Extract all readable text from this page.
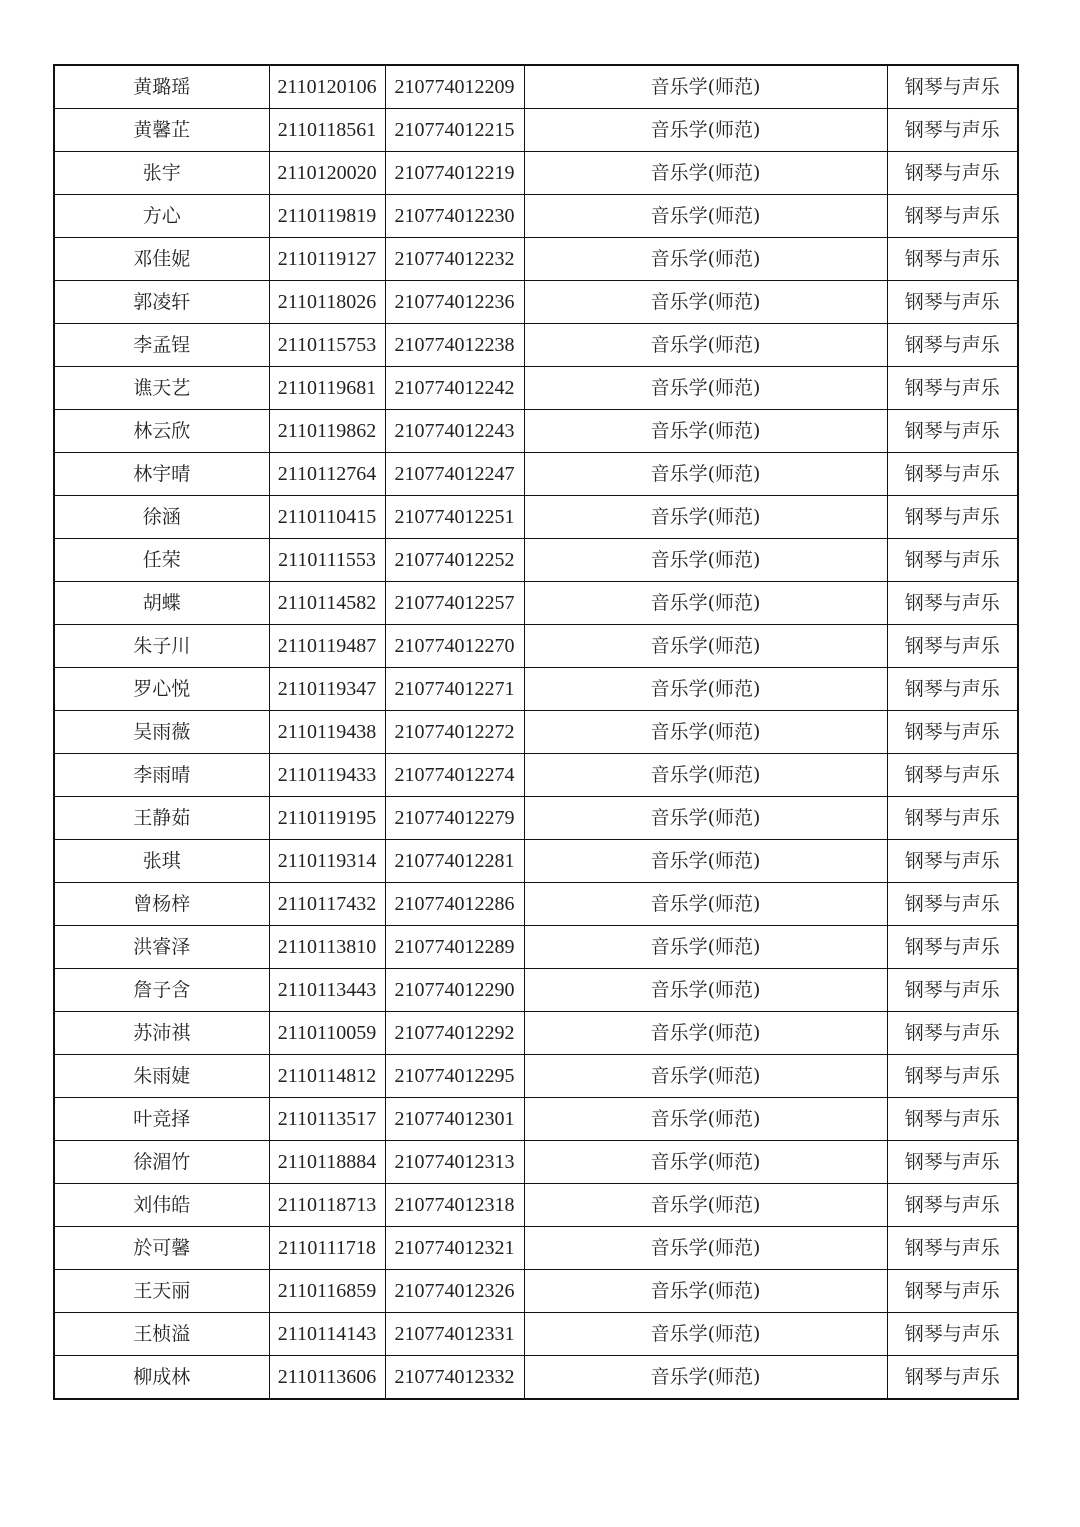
黄璐瑶	2110120106	210774012209	音乐学(师范)	钢琴与声乐
黄馨芷	2110118561	210774012215	音乐学(师范)	钢琴与声乐
张宇	2110120020	210774012219	音乐学(师范)	钢琴与声乐
方心	2110119819	210774012230	音乐学(师范)	钢琴与声乐
邓佳妮	2110119127	210774012232	音乐学(师范)	钢琴与声乐
郭凌轩	2110118026	210774012236	音乐学(师范)	钢琴与声乐
李孟锃	2110115753	210774012238	音乐学(师范)	钢琴与声乐
谯天艺	2110119681	210774012242	音乐学(师范)	钢琴与声乐
林云欣	2110119862	210774012243	音乐学(师范)	钢琴与声乐
林宇晴	2110112764	210774012247	音乐学(师范)	钢琴与声乐
徐涵	2110110415	210774012251	音乐学(师范)	钢琴与声乐
任荣	2110111553	210774012252	音乐学(师范)	钢琴与声乐
胡蝶	2110114582	210774012257	音乐学(师范)	钢琴与声乐
朱子川	2110119487	210774012270	音乐学(师范)	钢琴与声乐
罗心悦	2110119347	210774012271	音乐学(师范)	钢琴与声乐
吴雨薇	2110119438	210774012272	音乐学(师范)	钢琴与声乐
李雨晴	2110119433	210774012274	音乐学(师范)	钢琴与声乐
王静茹	2110119195	210774012279	音乐学(师范)	钢琴与声乐
张琪	2110119314	210774012281	音乐学(师范)	钢琴与声乐
曾杨梓	2110117432	210774012286	音乐学(师范)	钢琴与声乐
洪睿泽	2110113810	210774012289	音乐学(师范)	钢琴与声乐
詹子含	2110113443	210774012290	音乐学(师范)	钢琴与声乐
苏沛祺	2110110059	210774012292	音乐学(师范)	钢琴与声乐
朱雨婕	2110114812	210774012295	音乐学(师范)	钢琴与声乐
叶竞择	2110113517	210774012301	音乐学(师范)	钢琴与声乐
徐湄竹	2110118884	210774012313	音乐学(师范)	钢琴与声乐
刘伟皓	2110118713	210774012318	音乐学(师范)	钢琴与声乐
於可馨	2110111718	210774012321	音乐学(师范)	钢琴与声乐
王天丽	2110116859	210774012326	音乐学(师范)	钢琴与声乐
王桢溢	2110114143	210774012331	音乐学(师范)	钢琴与声乐
柳成林	2110113606	210774012332	音乐学(师范)	钢琴与声乐
